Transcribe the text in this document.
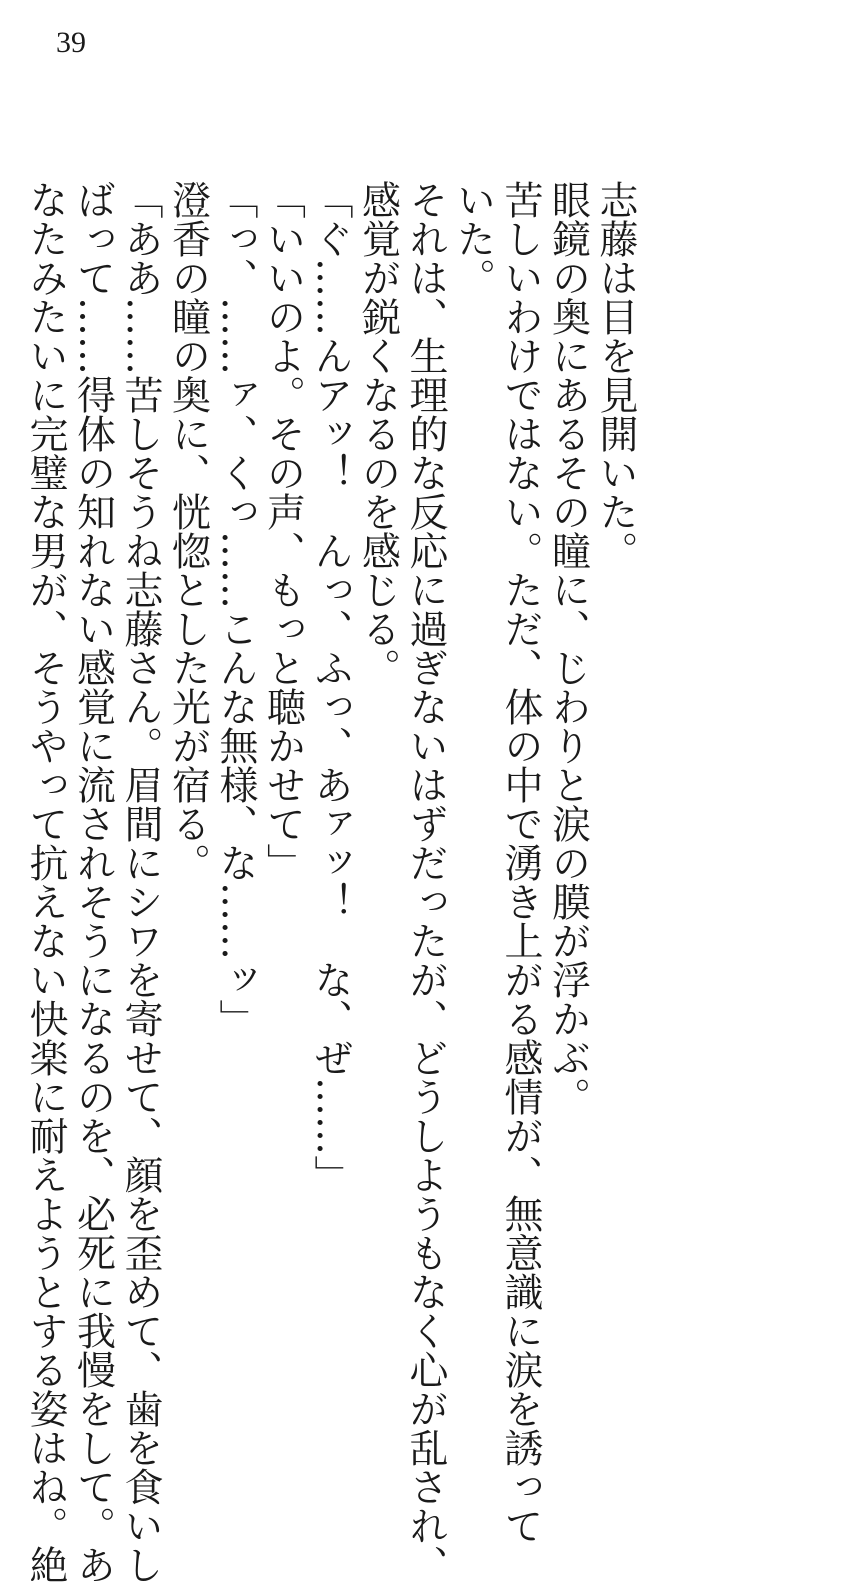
39
志藤は目を見開いた。
眼鏡の奥にあるその瞳に、じわりと涙の膜が浮かぶ。
苦しいわけではない。ただ、体の中で湧き上がる感情が、無意識に涙を誘って
いた。
それは、生理的な反応に過ぎないはずだったが、どうしようもなく心が乱され、
感覚が鋭くなるのを感じる。
「ぐ……んアッ！　んっ、ふっ、あァッ！　な、ぜ……」
「いいのよ。その声、もっと聴かせて」
「っ、……ァ、くっ……こんな無様、な……ッ」
澄香の瞳の奥に、恍惚とした光が宿る。
「ああ……苦しそうね志藤さん。眉間にシワを寄せて、顔を歪めて、歯を食いし
ばって……得体の知れない感覚に流されそうになるのを、必死に我慢をして。あ
なたみたいに完璧な男が、そうやって抗えない快楽に耐えようとする姿はね。絶
